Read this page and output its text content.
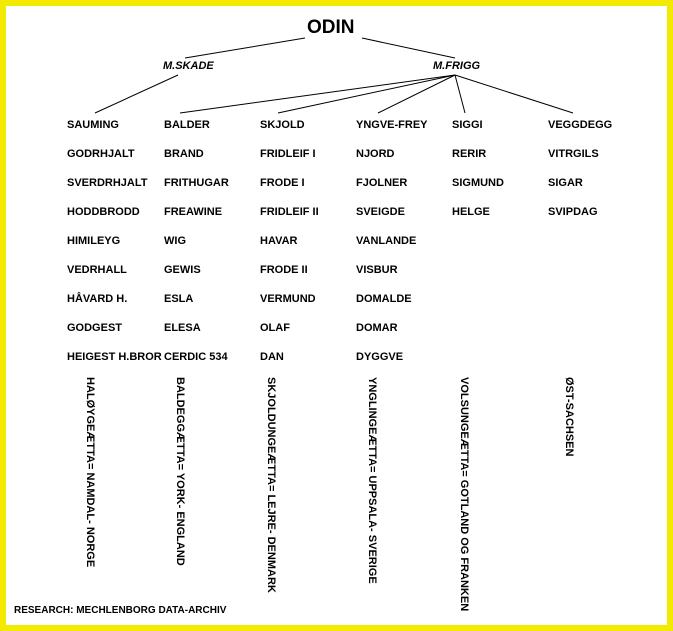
ODIN
M.SKADE	M.FRIGG
SAUMING
GODRHJALT
SVERDRHJALT
HODDBRODD
HIMILEYG
VEDRHALL
HÅVARD H.
GODGEST
HEIGEST H.BROR
HALØYGEÆTTA= NAMDAL- NORGE
BALDER
BRAND
FRITHUGAR
FREAWINE
WIG
GEWIS
ESLA
ELESA
CERDIC 534
BALDEGGÆTTA= YORK- ENGLAND
SKJOLD
FRIDLEIF I
FRODE I
FRIDLEIF II
HAVAR
FRODE II
VERMUND
OLAF
DAN
SKJOLDUNGEÆTTA= LEJRE- DENMARK
YNGVE-FREY
NJORD
FJOLNER
SVEIGDE
VANLANDE
VISBUR
DOMALDE
DOMAR
DYGGVE
YNGLINGEÆTTA= UPPSALA- SVERIGE
SIGGI
RERIR
SIGMUND
HELGE
VOLSUNGEÆTTA= GOTLAND OG FRANKEN
VEGGDEGG
VITRGILS
SIGAR
SVIPDAG
ØST-SACHSEN
RESEARCH: MECHLENBORG DATA-ARCHIV
